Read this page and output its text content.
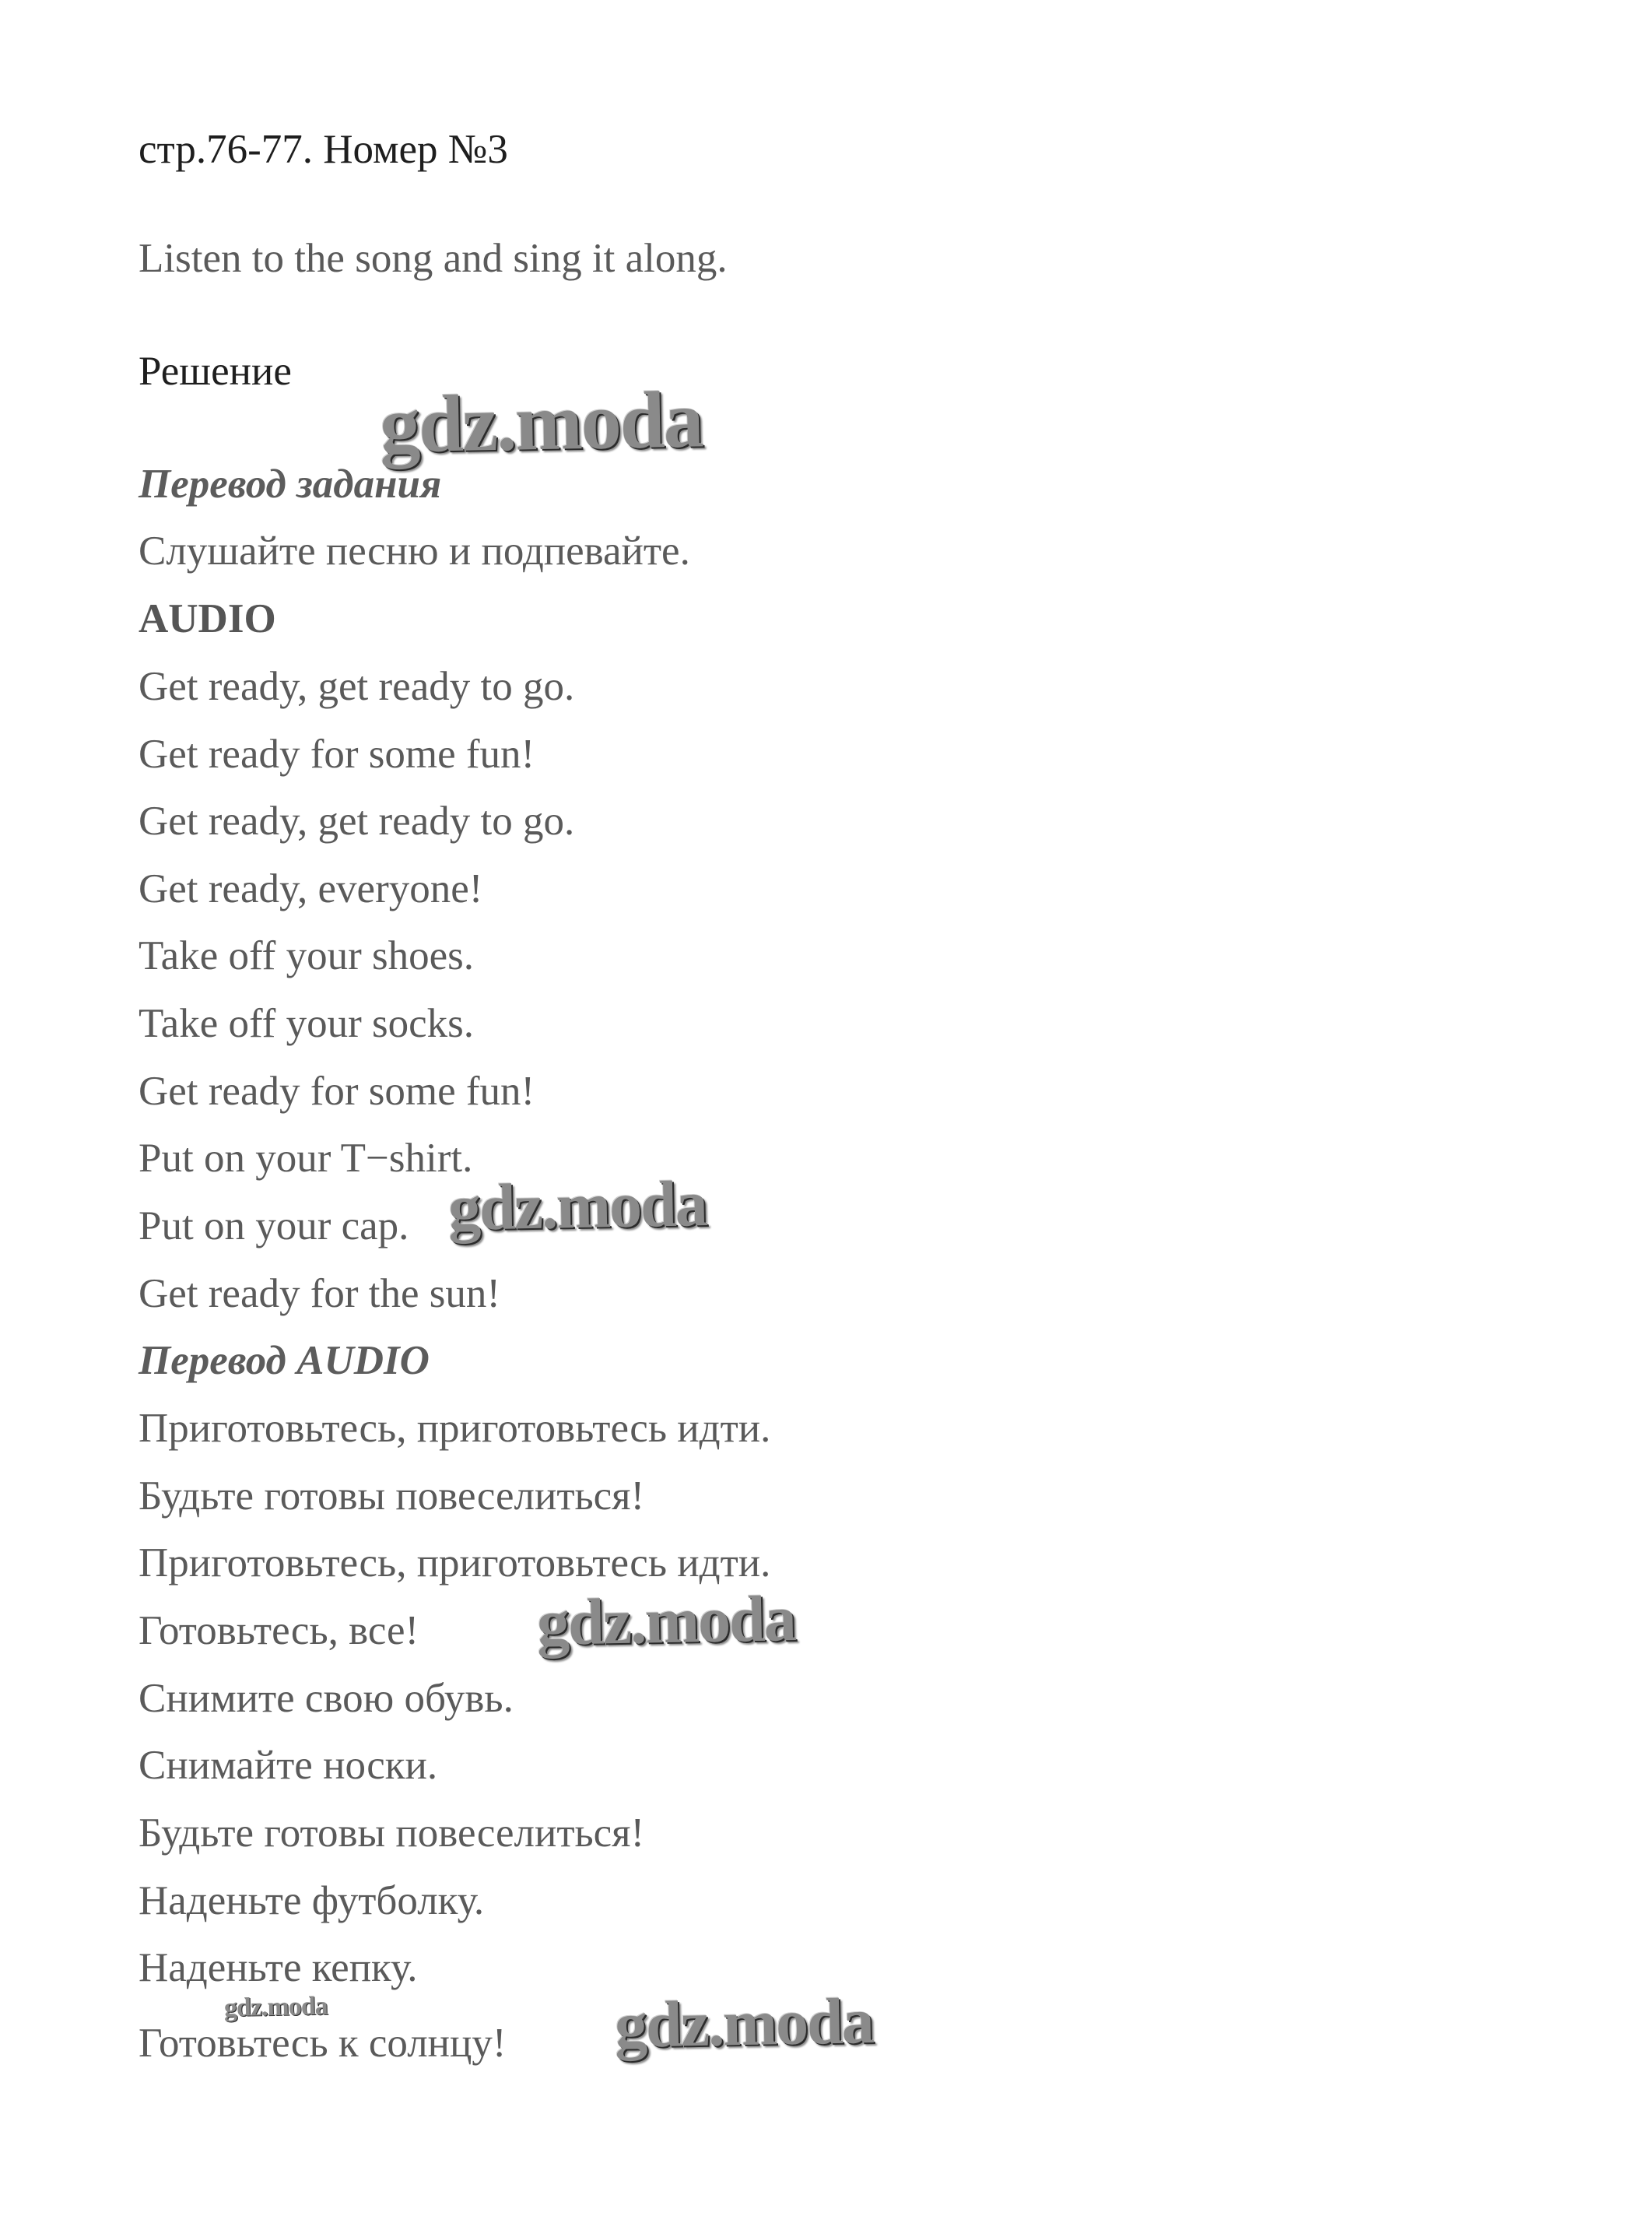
стр.76-77. Номер №3
Listen to the song and sing it along.
Решение
Перевод задания
Слушайте песню и подпевайте.
AUDIO
Get ready, get ready to go.
Get ready for some fun!
Get ready, get ready to go.
Get ready, everyone!
Take off your shoes.
Take off your socks.
Get ready for some fun!
Put on your T−shirt.
Put on your cap.
Get ready for the sun!
Перевод AUDIO
Приготовьтесь, приготовьтесь идти.
Будьте готовы повеселиться!
Приготовьтесь, приготовьтесь идти.
Готовьтесь, все!
Снимите свою обувь.
Снимайте носки.
Будьте готовы повеселиться!
Наденьте футболку.
Наденьте кепку.
Готовьтесь к солнцу!
gdz.moda
gdz.moda
gdz.moda
gdz.moda	gdz.moda
